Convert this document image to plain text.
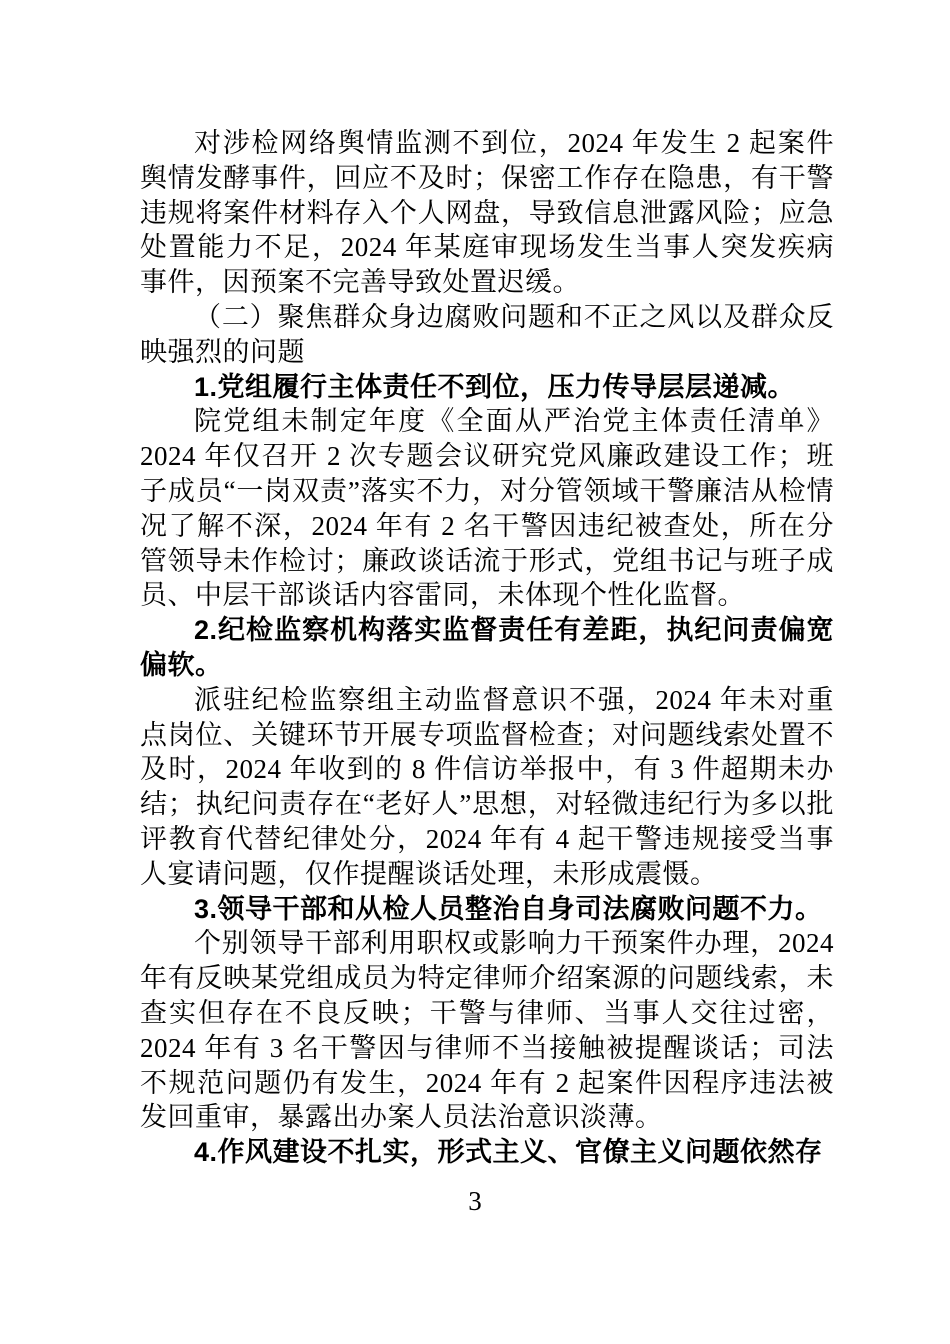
对涉检网络舆情监测不到位，2024 年发生 2 起案件舆情发酵事件，回应不及时；保密工作存在隐患，有干警违规将案件材料存入个人网盘，导致信息泄露风险；应急处置能力不足，2024 年某庭审现场发生当事人突发疾病事件，因预案不完善导致处置迟缓。

（二）聚焦群众身边腐败问题和不正之风以及群众反映强烈的问题

1.党组履行主体责任不到位，压力传导层层递减。

院党组未制定年度《全面从严治党主体责任清单》2024 年仅召开 2 次专题会议研究党风廉政建设工作；班子成员“一岗双责”落实不力，对分管领域干警廉洁从检情况了解不深，2024 年有 2 名干警因违纪被查处，所在分管领导未作检讨；廉政谈话流于形式，党组书记与班子成员、中层干部谈话内容雷同，未体现个性化监督。

2.纪检监察机构落实监督责任有差距，执纪问责偏宽偏软。

派驻纪检监察组主动监督意识不强，2024 年未对重点岗位、关键环节开展专项监督检查；对问题线索处置不及时，2024 年收到的 8 件信访举报中，有 3 件超期未办结；执纪问责存在“老好人”思想，对轻微违纪行为多以批评教育代替纪律处分，2024 年有 4 起干警违规接受当事人宴请问题，仅作提醒谈话处理，未形成震慑。

3.领导干部和从检人员整治自身司法腐败问题不力。

个别领导干部利用职权或影响力干预案件办理，2024 年有反映某党组成员为特定律师介绍案源的问题线索，未查实但存在不良反映；干警与律师、当事人交往过密，2024 年有 3 名干警因与律师不当接触被提醒谈话；司法不规范问题仍有发生，2024 年有 2 起案件因程序违法被发回重审，暴露出办案人员法治意识淡薄。

4.作风建设不扎实，形式主义、官僚主义问题依然存

3
